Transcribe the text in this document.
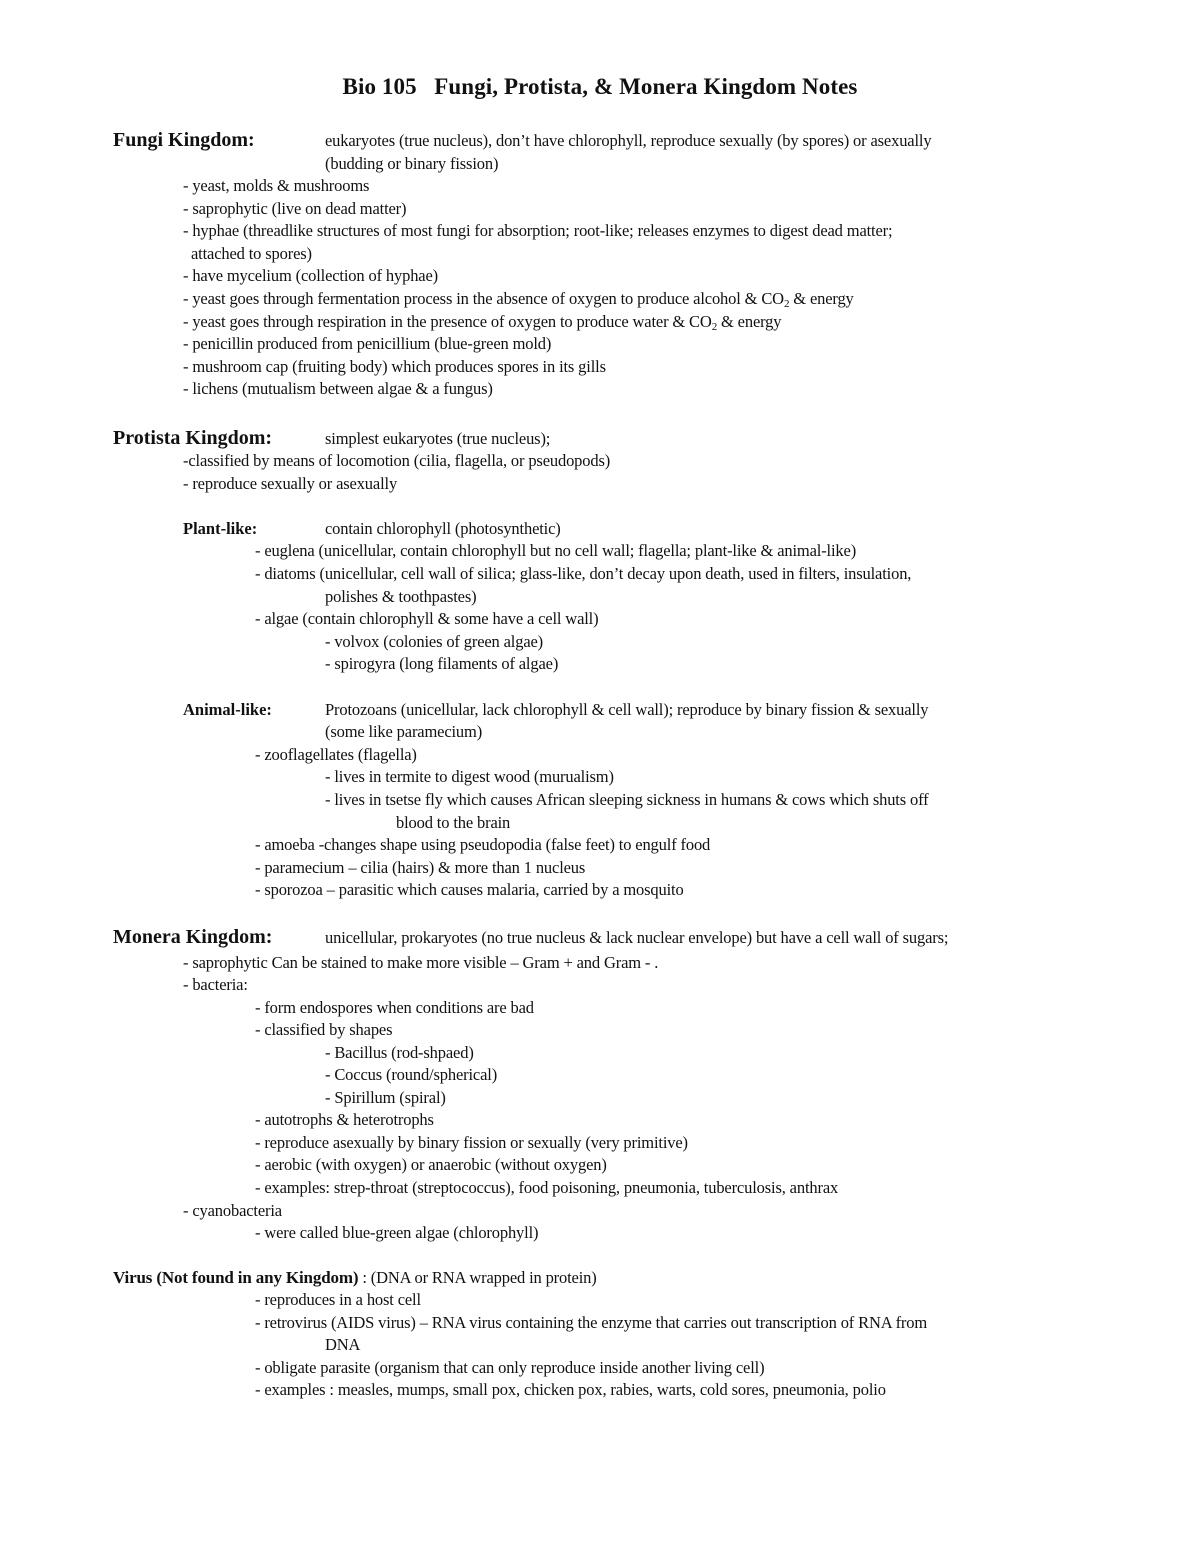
Bio 105   Fungi, Protista, & Monera Kingdom Notes
Fungi Kingdom:	eukaryotes (true nucleus), don’t have chlorophyll, reproduce sexually (by spores) or asexually
(budding or binary fission)
- yeast, molds & mushrooms
- saprophytic (live on dead matter)
- hyphae (threadlike structures of most fungi for absorption; root-like; releases enzymes to digest dead matter;
attached to spores)
- have mycelium (collection of hyphae)
- yeast goes through fermentation process in the absence of oxygen to produce alcohol & $CO_2$ & energy
- yeast goes through respiration in the presence of oxygen to produce water & $CO_2$ & energy
- penicillin produced from penicillium (blue-green mold)
- mushroom cap (fruiting body) which produces spores in its gills
- lichens (mutualism between algae & a fungus)
Protista Kingdom:	simplest eukaryotes (true nucleus);
-classified by means of locomotion (cilia, flagella, or pseudopods)
- reproduce sexually or asexually
Plant-like:	contain chlorophyll (photosynthetic)
- euglena (unicellular, contain chlorophyll but no cell wall; flagella; plant-like & animal-like)
- diatoms (unicellular, cell wall of silica; glass-like, don’t decay upon death, used in filters, insulation,
polishes & toothpastes)
- algae (contain chlorophyll & some have a cell wall)
- volvox (colonies of green algae)
- spirogyra (long filaments of algae)
Animal-like:	Protozoans (unicellular, lack chlorophyll & cell wall); reproduce by binary fission & sexually
(some like paramecium)
- zooflagellates (flagella)
- lives in termite to digest wood (murualism)
- lives in tsetse fly which causes African sleeping sickness in humans & cows which shuts off
blood to the brain
- amoeba -changes shape using pseudopodia (false feet) to engulf food
- paramecium – cilia (hairs) & more than 1 nucleus
- sporozoa – parasitic which causes malaria, carried by a mosquito
Monera Kingdom:	unicellular, prokaryotes (no true nucleus & lack nuclear envelope) but have a cell wall of sugars;
- saprophytic Can be stained to make more visible – Gram + and Gram - .
- bacteria:
- form endospores when conditions are bad
- classified by shapes
- Bacillus (rod-shpaed)
- Coccus (round/spherical)
- Spirillum (spiral)
- autotrophs & heterotrophs
- reproduce asexually by binary fission or sexually (very primitive)
- aerobic (with oxygen) or anaerobic (without oxygen)
- examples: strep-throat (streptococcus), food poisoning, pneumonia, tuberculosis, anthrax
- cyanobacteria
- were called blue-green algae (chlorophyll)
Virus (Not found in any Kingdom) : (DNA or RNA wrapped in protein)
- reproduces in a host cell
- retrovirus (AIDS virus) – RNA virus containing the enzyme that carries out transcription of RNA from
DNA
- obligate parasite (organism that can only reproduce inside another living cell)
- examples : measles, mumps, small pox, chicken pox, rabies, warts, cold sores, pneumonia, polio
